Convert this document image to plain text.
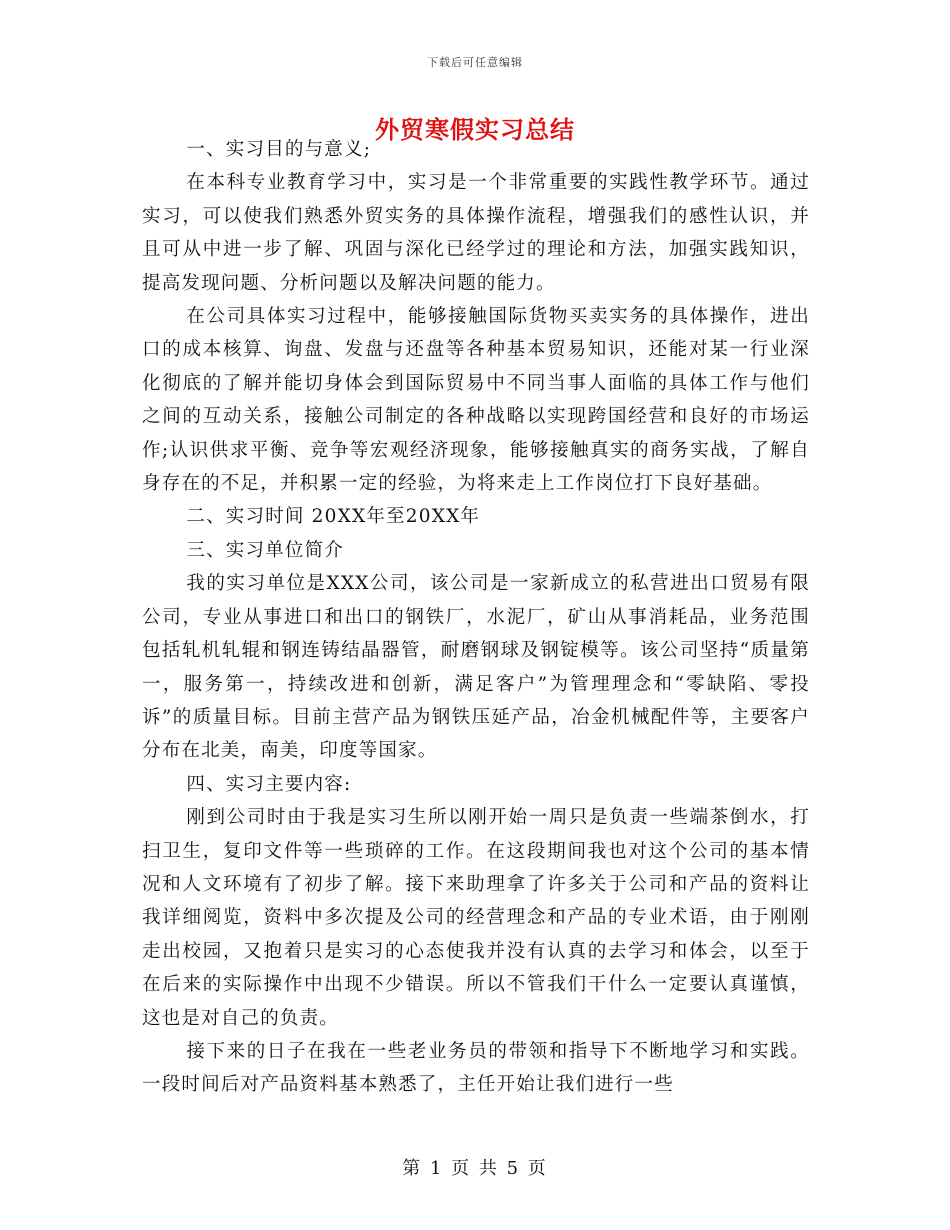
下载后可任意编辑
外贸寒假实习总结

一、实习目的与意义;

在本科专业教育学习中，实习是一个非常重要的实践性教学环节。通过实习，可以使我们熟悉外贸实务的具体操作流程，增强我们的感性认识，并且可从中进一步了解、巩固与深化已经学过的理论和方法，加强实践知识，提高发现问题、分析问题以及解决问题的能力。

在公司具体实习过程中，能够接触国际货物买卖实务的具体操作，进出口的成本核算、询盘、发盘与还盘等各种基本贸易知识，还能对某一行业深化彻底的了解并能切身体会到国际贸易中不同当事人面临的具体工作与他们之间的互动关系，接触公司制定的各种战略以实现跨国经营和良好的市场运作;认识供求平衡、竞争等宏观经济现象，能够接触真实的商务实战，了解自身存在的不足，并积累一定的经验，为将来走上工作岗位打下良好基础。

二、实习时间 20XX年至20XX年

三、实习单位简介

我的实习单位是XXX公司，该公司是一家新成立的私营进出口贸易有限公司，专业从事进口和出口的钢铁厂，水泥厂，矿山从事消耗品，业务范围包括轧机轧辊和钢连铸结晶器管，耐磨钢球及钢锭模等。该公司坚持“质量第一，服务第一，持续改进和创新，满足客户”为管理理念和“零缺陷、零投诉”的质量目标。目前主营产品为钢铁压延产品，冶金机械配件等，主要客户分布在北美，南美，印度等国家。

四、实习主要内容:

刚到公司时由于我是实习生所以刚开始一周只是负责一些端茶倒水，打扫卫生，复印文件等一些琐碎的工作。在这段期间我也对这个公司的基本情况和人文环境有了初步了解。接下来助理拿了许多关于公司和产品的资料让我详细阅览，资料中多次提及公司的经营理念和产品的专业术语，由于刚刚走出校园，又抱着只是实习的心态使我并没有认真的去学习和体会，以至于在后来的实际操作中出现不少错误。所以不管我们干什么一定要认真谨慎，这也是对自己的负责。

接下来的日子在我在一些老业务员的带领和指导下不断地学习和实践。一段时间后对产品资料基本熟悉了，主任开始让我们进行一些

第 1 页 共 5 页
